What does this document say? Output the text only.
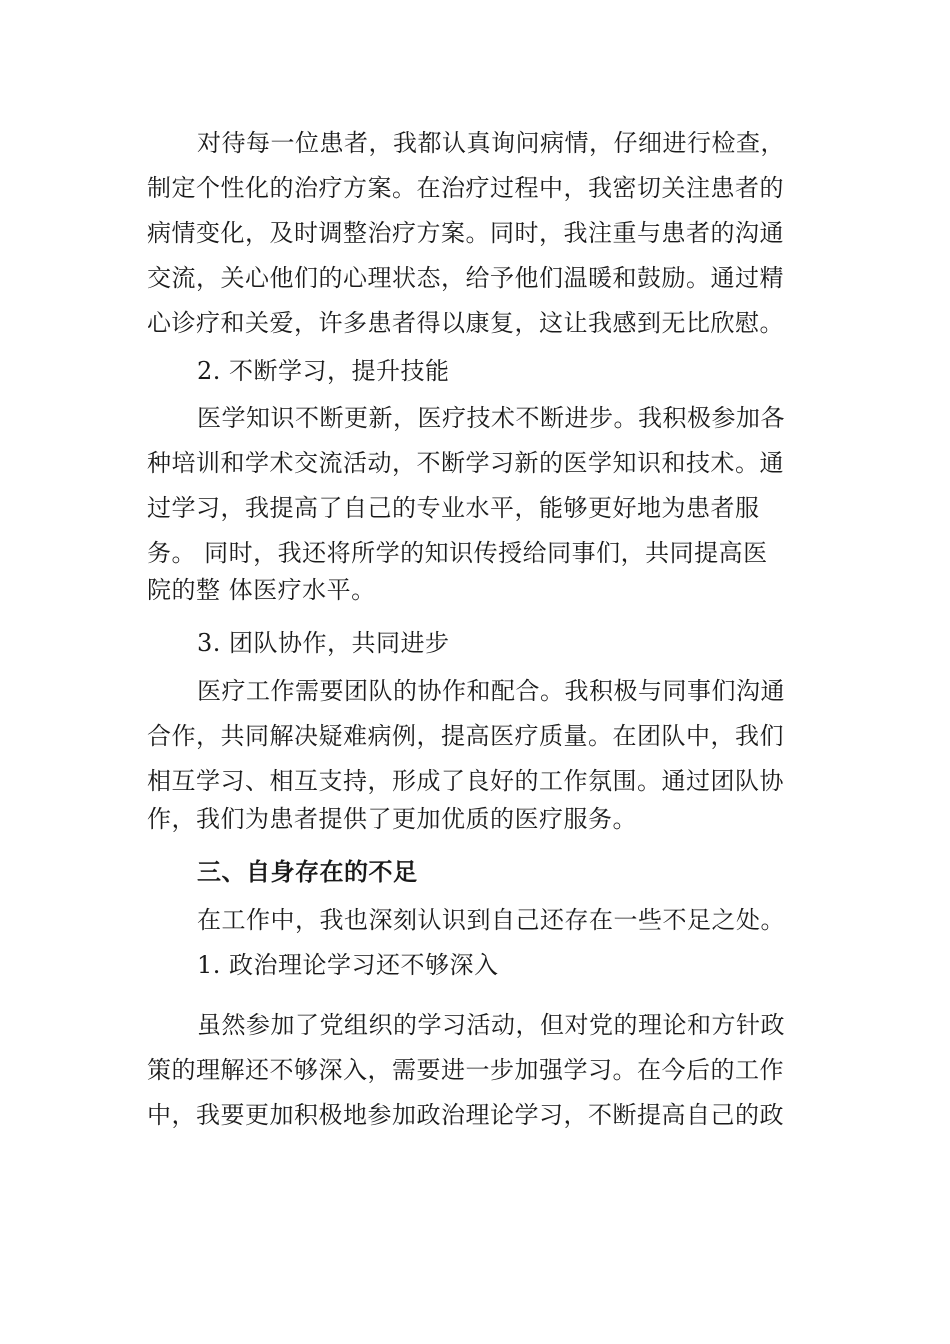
对待每一位患者，我都认真询问病情，仔细进行检查，
制定个性化的治疗方案。在治疗过程中，我密切关注患者的
病情变化，及时调整治疗方案。同时，我注重与患者的沟通
交流，关心他们的心理状态，给予他们温暖和鼓励。通过精
心诊疗和关爱，许多患者得以康复，这让我感到无比欣慰。
2. 不断学习，提升技能
医学知识不断更新，医疗技术不断进步。我积极参加各
种培训和学术交流活动，不断学习新的医学知识和技术。通
过学习，我提高了自己的专业水平，能够更好地为患者服
务。 同时，我还将所学的知识传授给同事们，共同提高医
院的整 体医疗水平。
3. 团队协作，共同进步
医疗工作需要团队的协作和配合。我积极与同事们沟通
合作，共同解决疑难病例，提高医疗质量。在团队中，我们
相互学习、相互支持，形成了良好的工作氛围。通过团队协
作，我们为患者提供了更加优质的医疗服务。
三、自身存在的不足
在工作中，我也深刻认识到自己还存在一些不足之处。
1. 政治理论学习还不够深入
虽然参加了党组织的学习活动，但对党的理论和方针政
策的理解还不够深入，需要进一步加强学习。在今后的工作
中，我要更加积极地参加政治理论学习，不断提高自己的政
